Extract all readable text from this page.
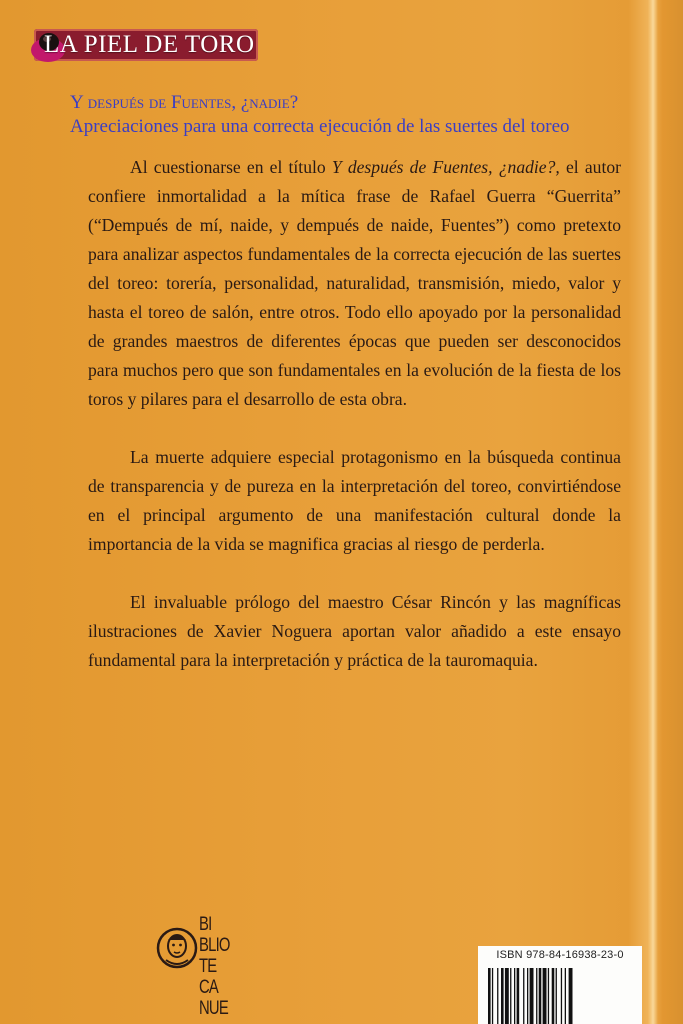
LA PIEL DE TORO
Y después de Fuentes, ¿nadie?
Apreciaciones para una correcta ejecución de las suertes del toreo

Al cuestionarse en el título Y después de Fuentes, ¿nadie?, el autor confiere inmortalidad a la mítica frase de Rafael Guerra “Guerrita” (“Dempués de mí, naide, y dempués de naide, Fuentes”) como pretexto para analizar aspectos fundamentales de la correcta ejecución de las suertes del toreo: torería, personalidad, naturalidad, transmisión, miedo, valor y hasta el toreo de salón, entre otros. Todo ello apoyado por la personalidad de grandes maestros de diferentes épocas que pueden ser desconocidos para muchos pero que son fundamentales en la evolución de la fiesta de los toros y pilares para el desarrollo de esta obra.

La muerte adquiere especial protagonismo en la búsqueda continua de transparencia y de pureza en la interpretación del toreo, convirtiéndose en el principal argumento de una manifestación cultural donde la importancia de la vida se magnifica gracias al riesgo de perderla.

El invaluable prólogo del maestro César Rincón y las magníficas ilustraciones de Xavier Noguera aportan valor añadido a este ensayo fundamental para la interpretación y práctica de la tauromaquia.

BI
BLIO
TE
CA
NUE
ISBN 978-84-16938-23-0
